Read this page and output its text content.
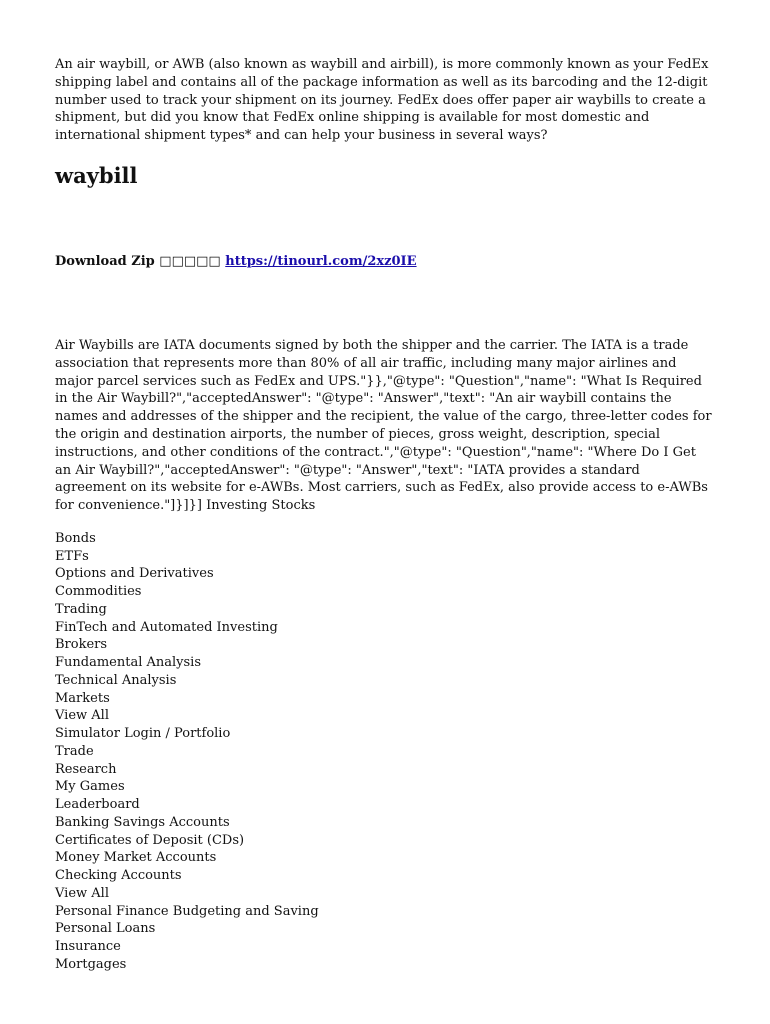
An air waybill, or AWB (also known as waybill and airbill), is more commonly known as your FedEx shipping label and contains all of the package information as well as its barcoding and the 12-digit number used to track your shipment on its journey. FedEx does offer paper air waybills to create a shipment, but did you know that FedEx online shipping is available for most domestic and international shipment types* and can help your business in several ways?

waybill

Download Zip □□□□□ https://tinourl.com/2xz0IE

Air Waybills are IATA documents signed by both the shipper and the carrier. The IATA is a trade association that represents more than 80% of all air traffic, including many major airlines and major parcel services such as FedEx and UPS."}},"@type": "Question","name": "What Is Required in the Air Waybill?","acceptedAnswer": "@type": "Answer","text": "An air waybill contains the names and addresses of the shipper and the recipient, the value of the cargo, three-letter codes for the origin and destination airports, the number of pieces, gross weight, description, special instructions, and other conditions of the contract.","@type": "Question","name": "Where Do I Get an Air Waybill?","acceptedAnswer": "@type": "Answer","text": "IATA provides a standard agreement on its website for e-AWBs. Most carriers, such as FedEx, also provide access to e-AWBs for convenience."]}]}] Investing Stocks

Bonds
ETFs
Options and Derivatives
Commodities
Trading
FinTech and Automated Investing
Brokers
Fundamental Analysis
Technical Analysis
Markets
View All
Simulator Login / Portfolio
Trade
Research
My Games
Leaderboard
Banking Savings Accounts
Certificates of Deposit (CDs)
Money Market Accounts
Checking Accounts
View All
Personal Finance Budgeting and Saving
Personal Loans
Insurance
Mortgages
